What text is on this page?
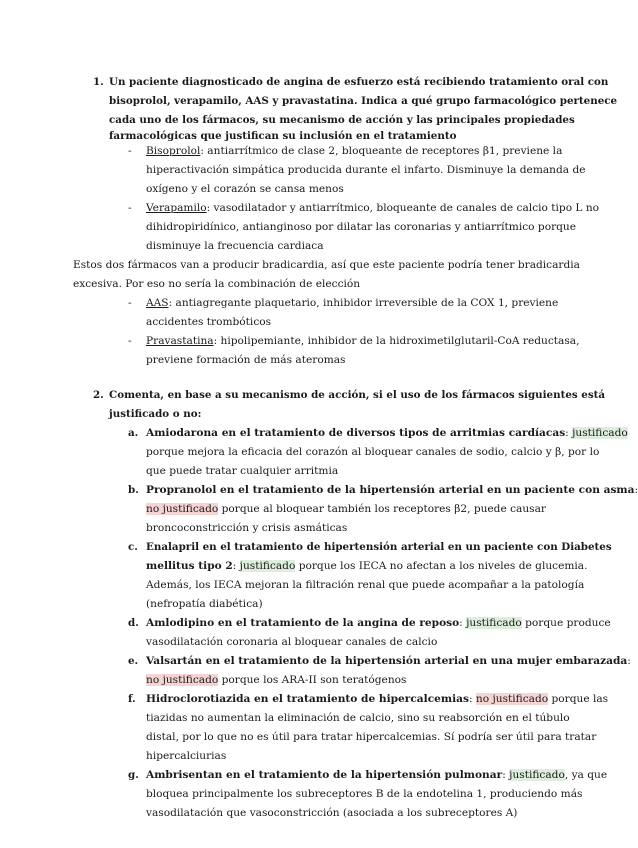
1. Un paciente diagnosticado de angina de esfuerzo está recibiendo tratamiento oral con
bisoprolol, verapamilo, AAS y pravastatina. Indica a qué grupo farmacológico pertenece
cada uno de los fármacos, su mecanismo de acción y las principales propiedades
farmacológicas que justifican su inclusión en el tratamiento
- Bisoprolol: antiarrítmico de clase 2, bloqueante de receptores β1, previene la
hiperactivación simpática producida durante el infarto. Disminuye la demanda de
oxígeno y el corazón se cansa menos
- Verapamilo: vasodilatador y antiarrítmico, bloqueante de canales de calcio tipo L no
dihidropiridínico, antianginoso por dilatar las coronarias y antiarrítmico porque
disminuye la frecuencia cardiaca
Estos dos fármacos van a producir bradicardia, así que este paciente podría tener bradicardia
excesiva. Por eso no sería la combinación de elección
- AAS: antiagregante plaquetario, inhibidor irreversible de la COX 1, previene
accidentes trombóticos
- Pravastatina: hipolipemiante, inhibidor de la hidroximetilglutaril-CoA reductasa,
previene formación de más ateromas
2. Comenta, en base a su mecanismo de acción, si el uso de los fármacos siguientes está
justificado o no:
a. Amiodarona en el tratamiento de diversos tipos de arritmias cardíacas: justificado
porque mejora la eficacia del corazón al bloquear canales de sodio, calcio y β, por lo
que puede tratar cualquier arritmia
b. Propranolol en el tratamiento de la hipertensión arterial en un paciente con asma:
no justificado porque al bloquear también los receptores β2, puede causar
broncoconstricción y crisis asmáticas
c. Enalapril en el tratamiento de hipertensión arterial en un paciente con Diabetes
mellitus tipo 2: justificado porque los IECA no afectan a los niveles de glucemia.
Además, los IECA mejoran la filtración renal que puede acompañar a la patología
(nefropatía diabética)
d. Amlodipino en el tratamiento de la angina de reposo: justificado porque produce
vasodilatación coronaria al bloquear canales de calcio
e. Valsartán en el tratamiento de la hipertensión arterial en una mujer embarazada:
no justificado porque los ARA-II son teratógenos
f. Hidroclorotiazida en el tratamiento de hipercalcemias: no justificado porque las
tiazidas no aumentan la eliminación de calcio, sino su reabsorción en el túbulo
distal, por lo que no es útil para tratar hipercalcemias. Sí podría ser útil para tratar
hipercalciurias
g. Ambrisentan en el tratamiento de la hipertensión pulmonar: justificado, ya que
bloquea principalmente los subreceptores B de la endotelina 1, produciendo más
vasodilatación que vasoconstricción (asociada a los subreceptores A)
